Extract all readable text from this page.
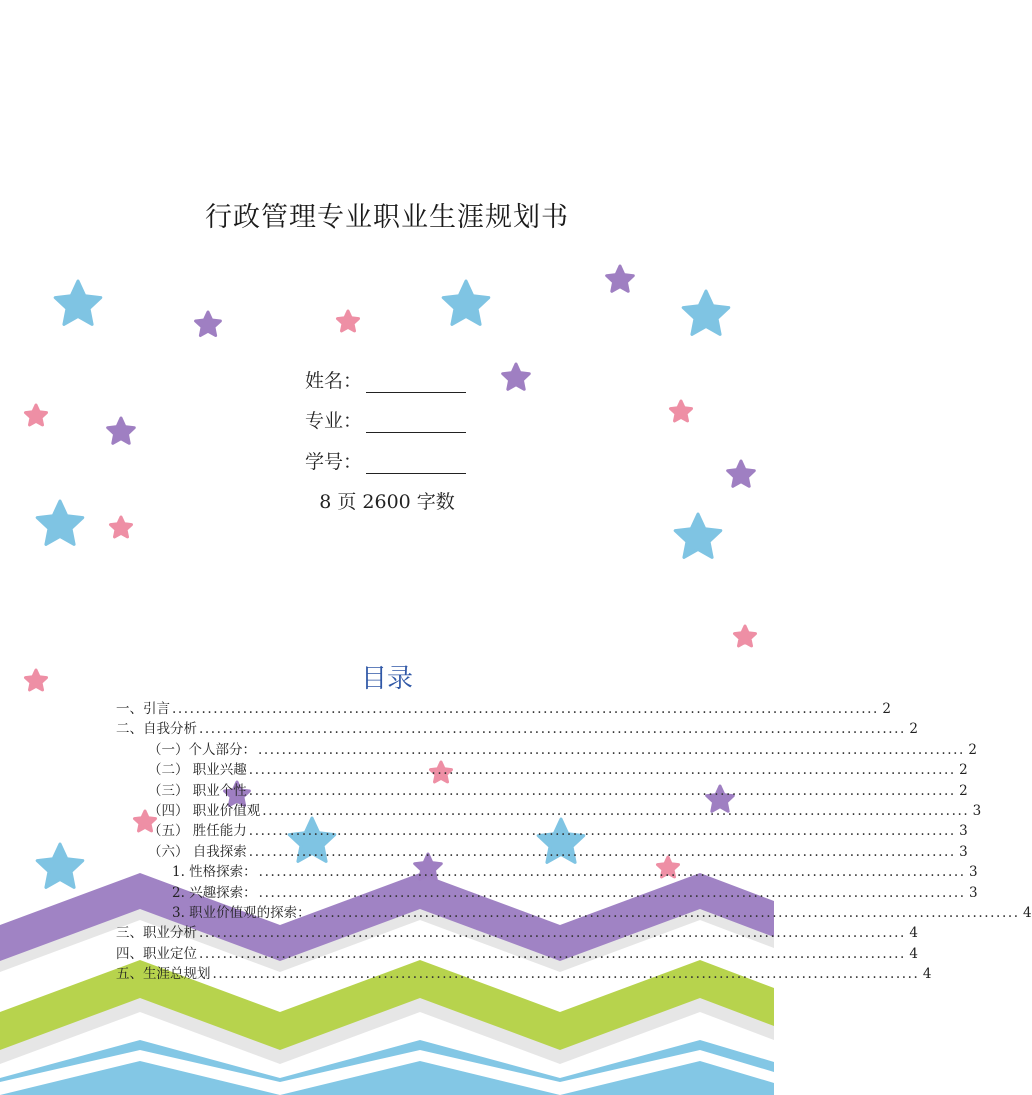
行政管理专业职业生涯规划书
姓名：
专业：
学号：
8 页 2600 字数
目录
一、引言 ........................................................................................................................ 2
二、自我分析 ........................................................................................................................ 2
（一）个人部分： ........................................................................................................................ 2
（二） 职业兴趣 ........................................................................................................................ 2
（三） 职业个性 ........................................................................................................................ 2
（四） 职业价值观 ........................................................................................................................ 3
（五） 胜任能力 ........................................................................................................................ 3
（六） 自我探索 ........................................................................................................................ 3
1. 性格探索： ........................................................................................................................ 3
2. 兴趣探索： ........................................................................................................................ 3
3. 职业价值观的探索： ........................................................................................................................ 4
三、职业分析 ........................................................................................................................ 4
四、职业定位 ........................................................................................................................ 4
五、生涯总规划 ........................................................................................................................ 4
